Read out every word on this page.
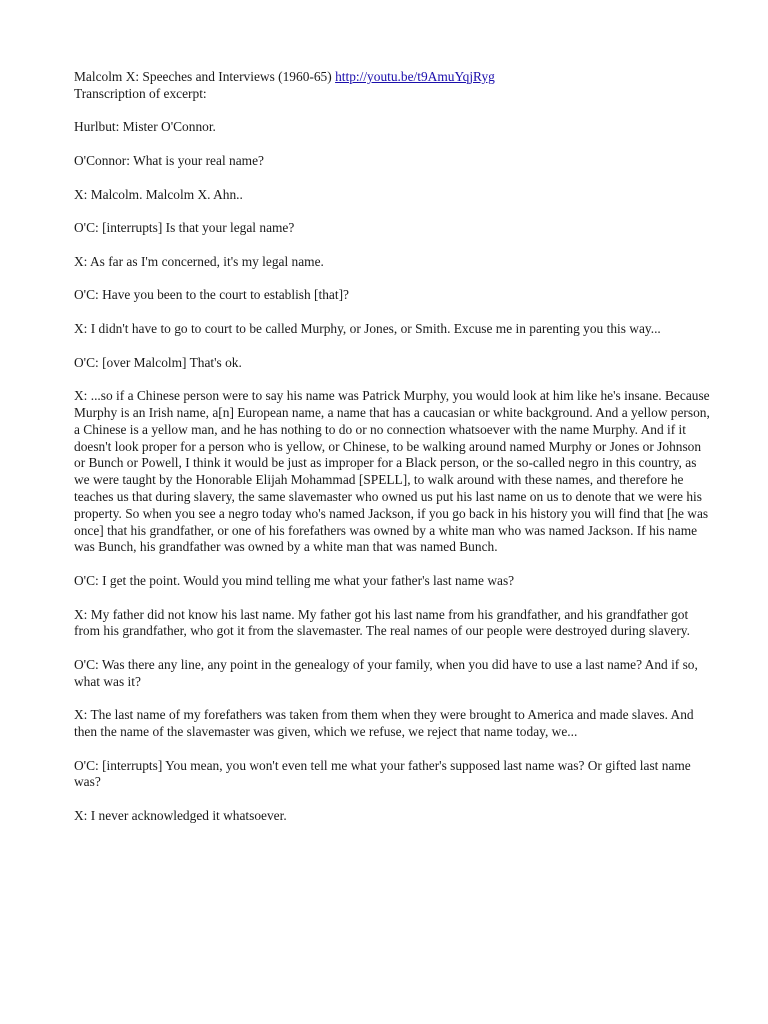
Malcolm X: Speeches and Interviews (1960-65) http://youtu.be/t9AmuYqjRyg

Transcription of excerpt:

Hurlbut: Mister O'Connor.

O'Connor: What is your real name?

X: Malcolm. Malcolm X. Ahn..

O'C: [interrupts] Is that your legal name?

X: As far as I'm concerned, it's my legal name.

O'C: Have you been to the court to establish [that]?

X: I didn't have to go to court to be called Murphy, or Jones, or Smith. Excuse me in parenting you this way...

O'C: [over Malcolm] That's ok.

X: ...so if a Chinese person were to say his name was Patrick Murphy, you would look at him like he's insane. Because Murphy is an Irish name, a[n] European name, a name that has a caucasian or white background. And a yellow person, a Chinese is a yellow man, and he has nothing to do or no connection whatsoever with the name Murphy. And if it doesn't look proper for a person who is yellow, or Chinese, to be walking around named Murphy or Jones or Johnson or Bunch or Powell, I think it would be just as improper for a Black person, or the so-called negro in this country, as we were taught by the Honorable Elijah Mohammad [SPELL], to walk around with these names, and therefore he teaches us that during slavery, the same slavemaster who owned us put his last name on us to denote that we were his property. So when you see a negro today who's named Jackson, if you go back in his history you will find that [he was once] that his grandfather, or one of his forefathers was owned by a white man who was named Jackson. If his name was Bunch, his grandfather was owned by a white man that was named Bunch.

O'C: I get the point. Would you mind telling me what your father's last name was?

X: My father did not know his last name. My father got his last name from his grandfather, and his grandfather got from his grandfather, who got it from the slavemaster. The real names of our people were destroyed during slavery.

O'C: Was there any line, any point in the genealogy of your family, when you did have to use a last name? And if so, what was it?

X: The last name of my forefathers was taken from them when they were brought to America and made slaves. And then the name of the slavemaster was given, which we refuse, we reject that name today, we...

O'C: [interrupts] You mean, you won't even tell me what your father's supposed last name was? Or gifted last name was?

X: I never acknowledged it whatsoever.
